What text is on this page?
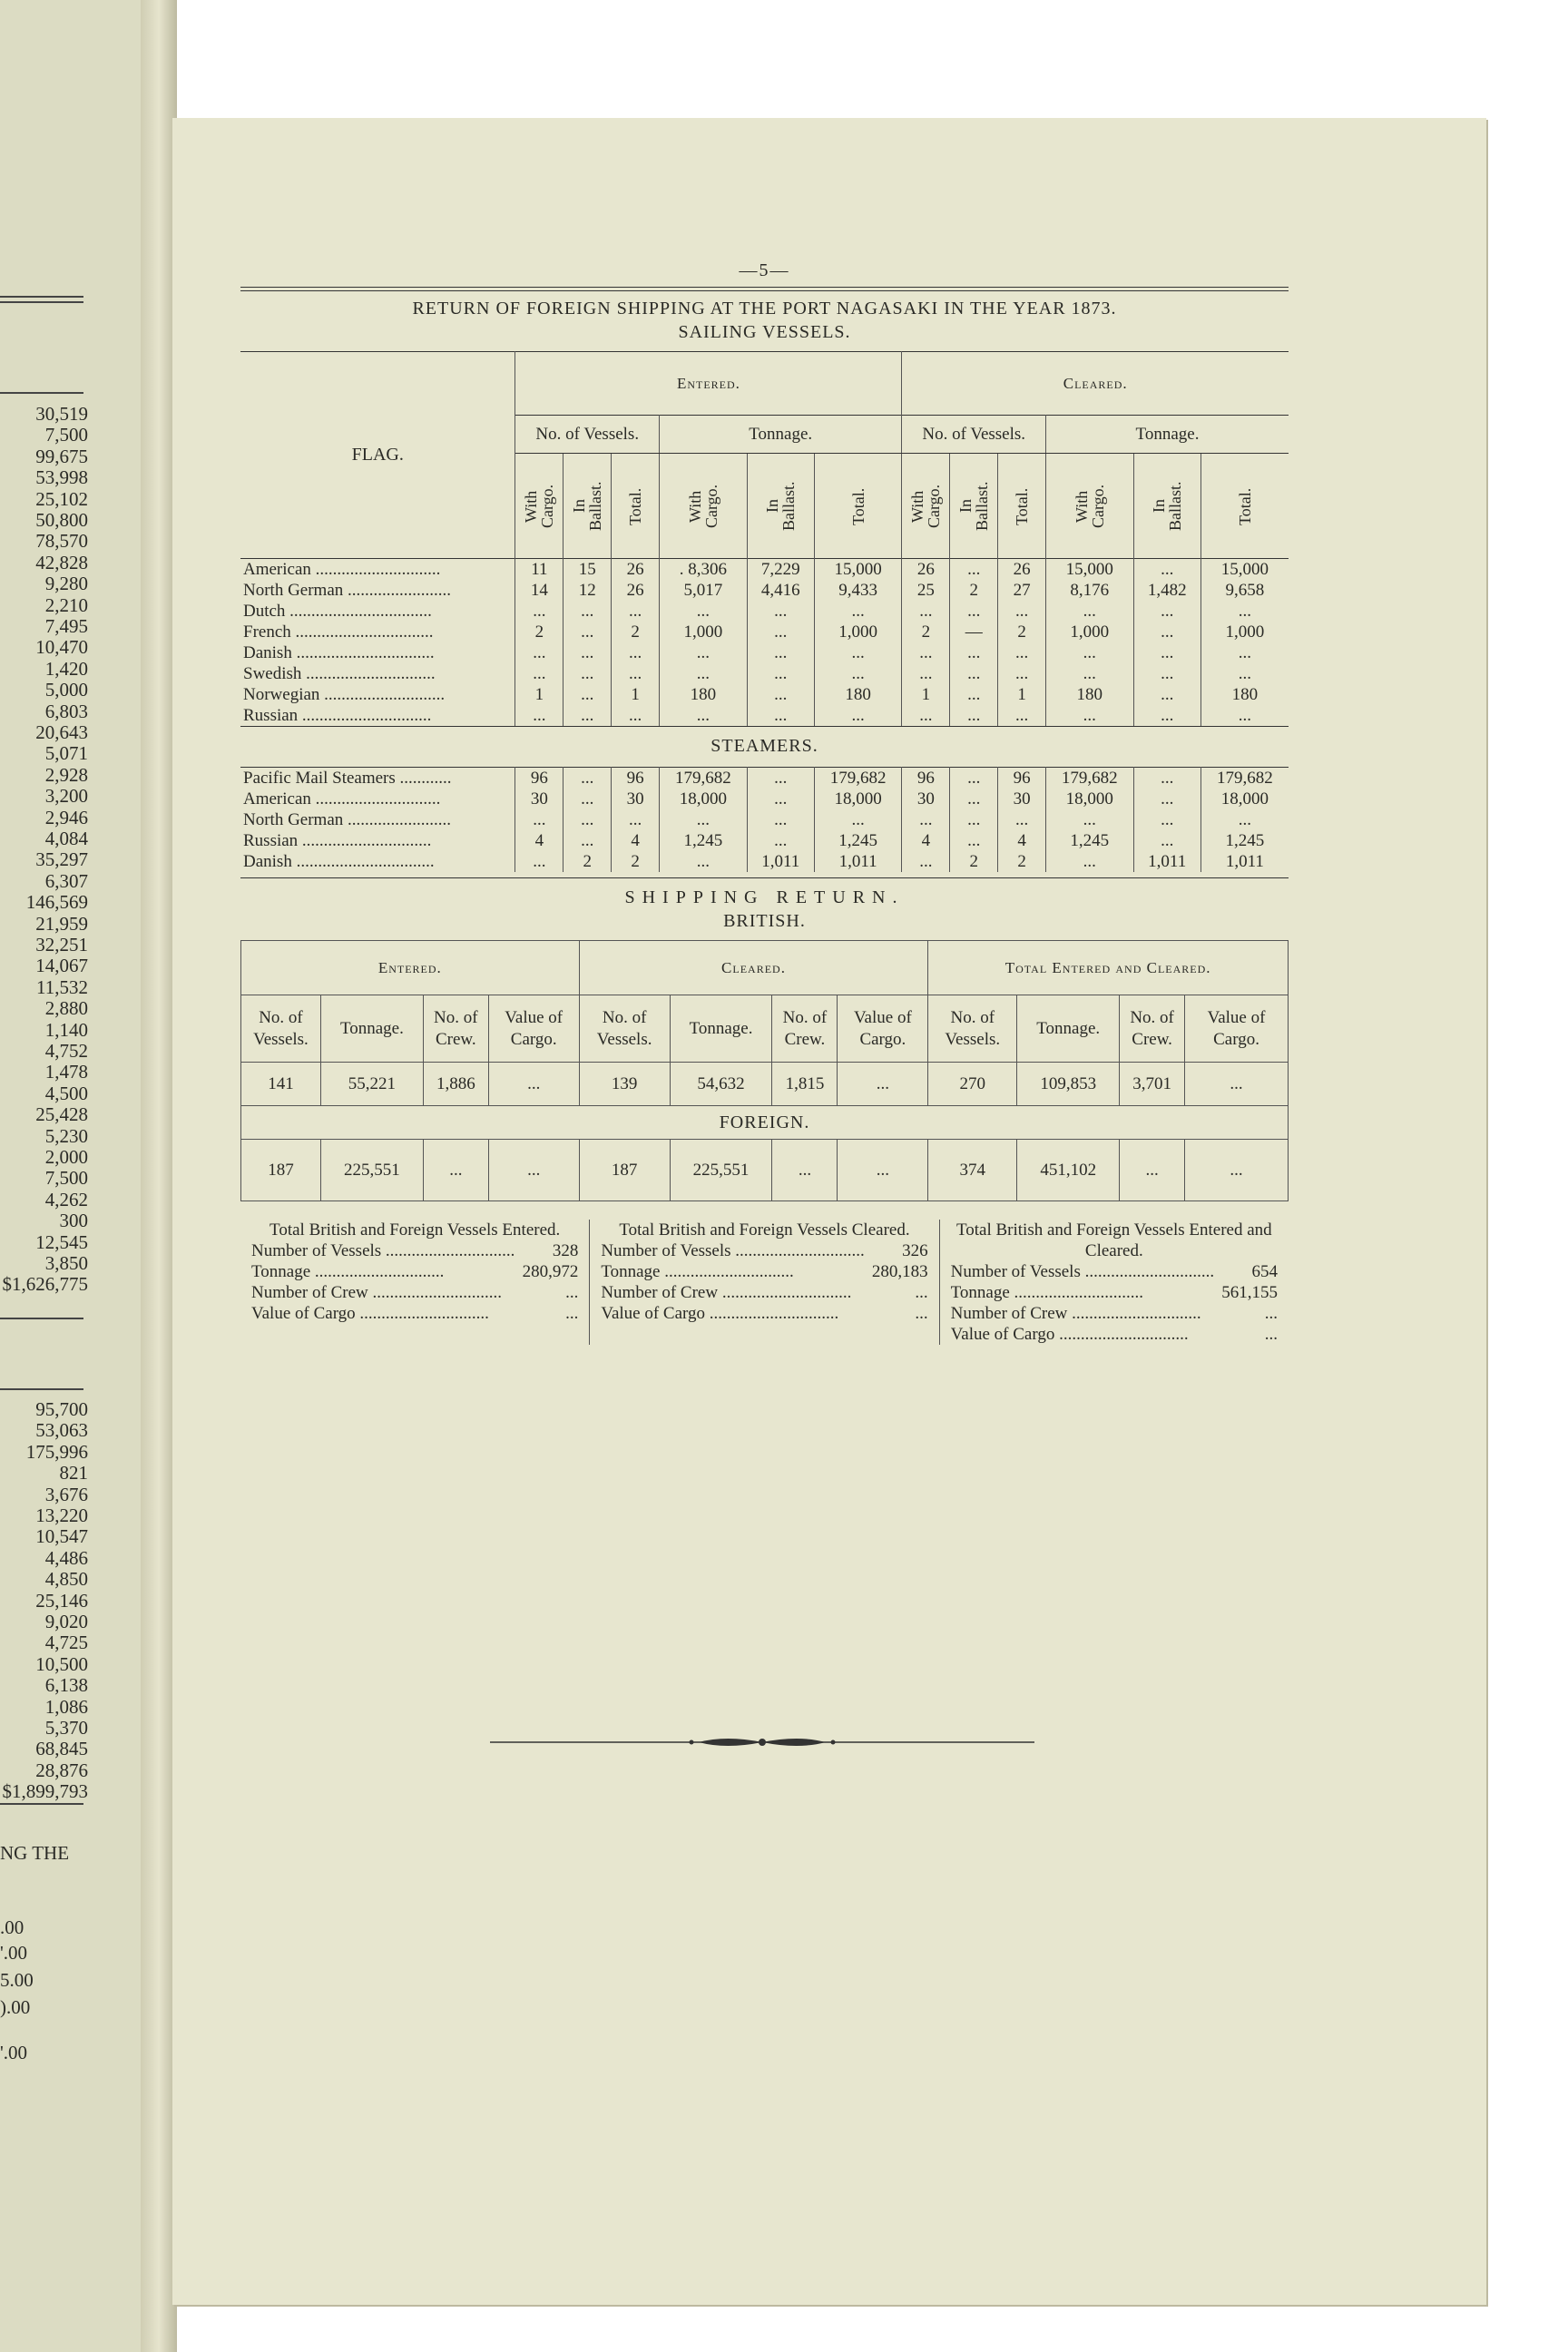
30,519
7,500
99,675
53,998
25,102
50,800
78,570
42,828
9,280
2,210
7,495
10,470
1,420
5,000
6,803
20,643
5,071
2,928
3,200
2,946
4,084
35,297
6,307
146,569
21,959
32,251
14,067
11,532
2,880
1,140
4,752
1,478
4,500
25,428
5,230
2,000
7,500
4,262
300
12,545
3,850
$1,626,775
95,700
53,063
175,996
821
3,676
13,220
10,547
4,486
4,850
25,146
9,020
4,725
10,500
6,138
1,086
5,370
68,845
28,876
$1,899,793
NG THE
.00
'.00
5.00
).00
'.00
—5—
RETURN OF FOREIGN SHIPPING AT THE PORT NAGASAKI IN THE YEAR 1873.
SAILING VESSELS.
FLAG.	Entered.						Cleared.					
	No. of Vessels.			Tonnage.			No. of Vessels.			Tonnage.		

	With
Cargo.	In
Ballast.	Total.	With
Cargo.	In
Ballast.	Total.	With
Cargo.	In
Ballast.	Total.	With
Cargo.	In
Ballast.	Total.

American .............................	11	15	26	. 8,306	7,229	15,000	26	...	26	15,000	...	15,000
North German ........................	14	12	26	5,017	4,416	9,433	25	2	27	8,176	1,482	9,658
Dutch .................................	...	...	...	...	...	...	...	...	...	...	...	...
French ................................	2	...	2	1,000	...	1,000	2	—	2	1,000	...	1,000
Danish ................................	...	...	...	...	...	...	...	...	...	...	...	...
Swedish ..............................	...	...	...	...	...	...	...	...	...	...	...	...
Norwegian ............................	1	...	1	180	...	180	1	...	1	180	...	180
Russian ..............................	...	...	...	...	...	...	...	...	...	...	...	...
STEAMERS.
Pacific Mail Steamers ............	96	...	96	179,682	...	179,682	96	...	96	179,682	...	179,682
American .............................	30	...	30	18,000	...	18,000	30	...	30	18,000	...	18,000
North German ........................	...	...	...	...	...	...	...	...	...	...	...	...
Russian ..............................	4	...	4	1,245	...	1,245	4	...	4	1,245	...	1,245
Danish ................................	...	2	2	...	1,011	1,011	...	2	2	...	1,011	1,011
SHIPPING RETURN.
BRITISH.
Entered.				Cleared.				Total Entered and Cleared.			
No. of Vessels.	Tonnage.	No. of Crew.	Value of Cargo.	No. of Vessels.	Tonnage.	No. of Crew.	Value of Cargo.	No. of Vessels.	Tonnage.	No. of Crew.	Value of Cargo.
141	55,221	1,886	...	139	54,632	1,815	...	270	109,853	3,701	...
FOREIGN.											
187	225,551	...	...	187	225,551	...	...	374	451,102	...	...
Total British and Foreign Vessels Entered.
Number of Vessels ..............................	328
Tonnage ..............................	280,972
Number of Crew ..............................	...
Value of Cargo ..............................	...
Total British and Foreign Vessels Cleared.
Number of Vessels ..............................	326
Tonnage ..............................	280,183
Number of Crew ..............................	...
Value of Cargo ..............................	...
Total British and Foreign Vessels Entered and Cleared.
Number of Vessels ..............................	654
Tonnage ..............................	561,155
Number of Crew ..............................	...
Value of Cargo ..............................	...
